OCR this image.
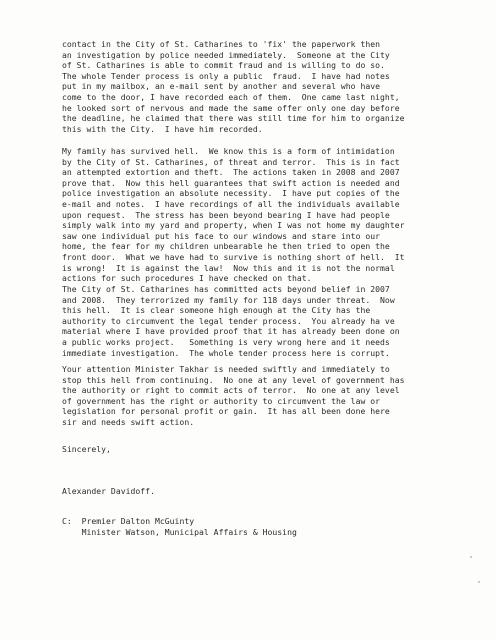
contact in the City of St. Catharines to 'fix' the paperwork then
an investigation by police needed immediately.  Someone at the City
of St. Catharines is able to commit fraud and is willing to do so.
The whole Tender process is only a public  fraud.  I have had notes
put in my mailbox, an e-mail sent by another and several who have
come to the door, I have recorded each of them.  One came last night,
he looked sort of nervous and made the same offer only one day before
the deadline, he claimed that there was still time for him to organize
this with the City.  I have him recorded.

My family has survived hell.  We know this is a form of intimidation
by the City of St. Catharines, of threat and terror.  This is in fact
an attempted extortion and theft.  The actions taken in 2008 and 2007
prove that.  Now this hell guarantees that swift action is needed and
police investigation an absolute necessity.  I have put copies of the
e-mail and notes.  I have recordings of all the individuals available
upon request.  The stress has been beyond bearing I have had people
simply walk into my yard and property, when I was not home my daughter
saw one individual put his face to our windows and stare into our
home, the fear for my children unbearable he then tried to open the
front door.  What we have had to survive is nothing short of hell.  It
is wrong!  It is against the law!  Now this and it is not the normal
actions for such procedures I have checked on that.

The City of St. Catharines has committed acts beyond belief in 2007
and 2008.  They terrorized my family for 118 days under threat.  Now
this hell.  It is clear someone high enough at the City has the
authority to circumvent the legal tender process.  You already ha ve
material where I have provided proof that it has already been done on
a public works project.   Something is very wrong here and it needs
immediate investigation.  The whole tender process here is corrupt.

Your attention Minister Takhar is needed swiftly and immediately to
stop this hell from continuing.  No one at any level of government has
the authority or right to commit acts of terror.  No one at any level
of government has the right or authority to circumvent the law or
legislation for personal profit or gain.  It has all been done here
sir and needs swift action.

Sincerely,

Alexander Davidoff.

C: Premier Dalton McGuinty
Minister Watson, Municipal Affairs & Housing
